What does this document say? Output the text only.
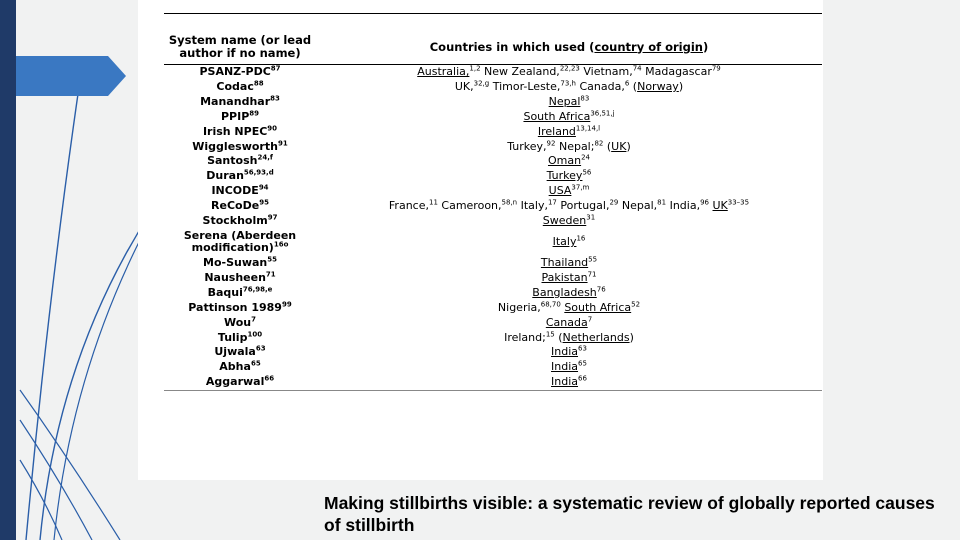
System name (or lead author if no name)	Countries in which used (country of origin)
PSANZ-PDC$^{87}$	Australia,$^{1,2}$ New Zealand,$^{22,23}$ Vietnam,$^{74}$ Madagascar$^{79}$
Codac$^{88}$	UK,$^{32,g}$ Timor-Leste,$^{73,h}$ Canada,$^6$ (Norway)
Manandhar$^{83}$	Nepal$^{83}$
PPIP$^{89}$	South Africa$^{36,51,j}$
Irish NPEC$^{90}$	Ireland$^{13,14,l}$
Wigglesworth$^{91}$	Turkey,$^{92}$ Nepal;$^{82}$ (UK)
Santosh$^{24,f}$	Oman$^{24}$
Duran$^{56,93,d}$	Turkey$^{56}$
INCODE$^{94}$	USA$^{37,m}$
ReCoDe$^{95}$	France,$^{11}$ Cameroon,$^{58,n}$ Italy,$^{17}$ Portugal,$^{29}$ Nepal,$^{81}$ India,$^{96}$ UK$^{33-35}$
Stockholm$^{97}$	Sweden$^{31}$
Serena (Aberdeen modification)$^{16o}$	Italy$^{16}$
Mo-Suwan$^{55}$	Thailand$^{55}$
Nausheen$^{71}$	Pakistan$^{71}$
Baqui$^{76,98,e}$	Bangladesh$^{76}$
Pattinson 1989$^{99}$	Nigeria,$^{68,70}$ South Africa$^{52}$
Wou$^7$	Canada$^7$
Tulip$^{100}$	Ireland;$^{15}$ (Netherlands)
Ujwala$^{63}$	India$^{63}$
Abha$^{65}$	India$^{65}$
Aggarwal$^{66}$	India$^{66}$
Making stillbirths visible: a systematic review of globally reported causes of stillbirth
